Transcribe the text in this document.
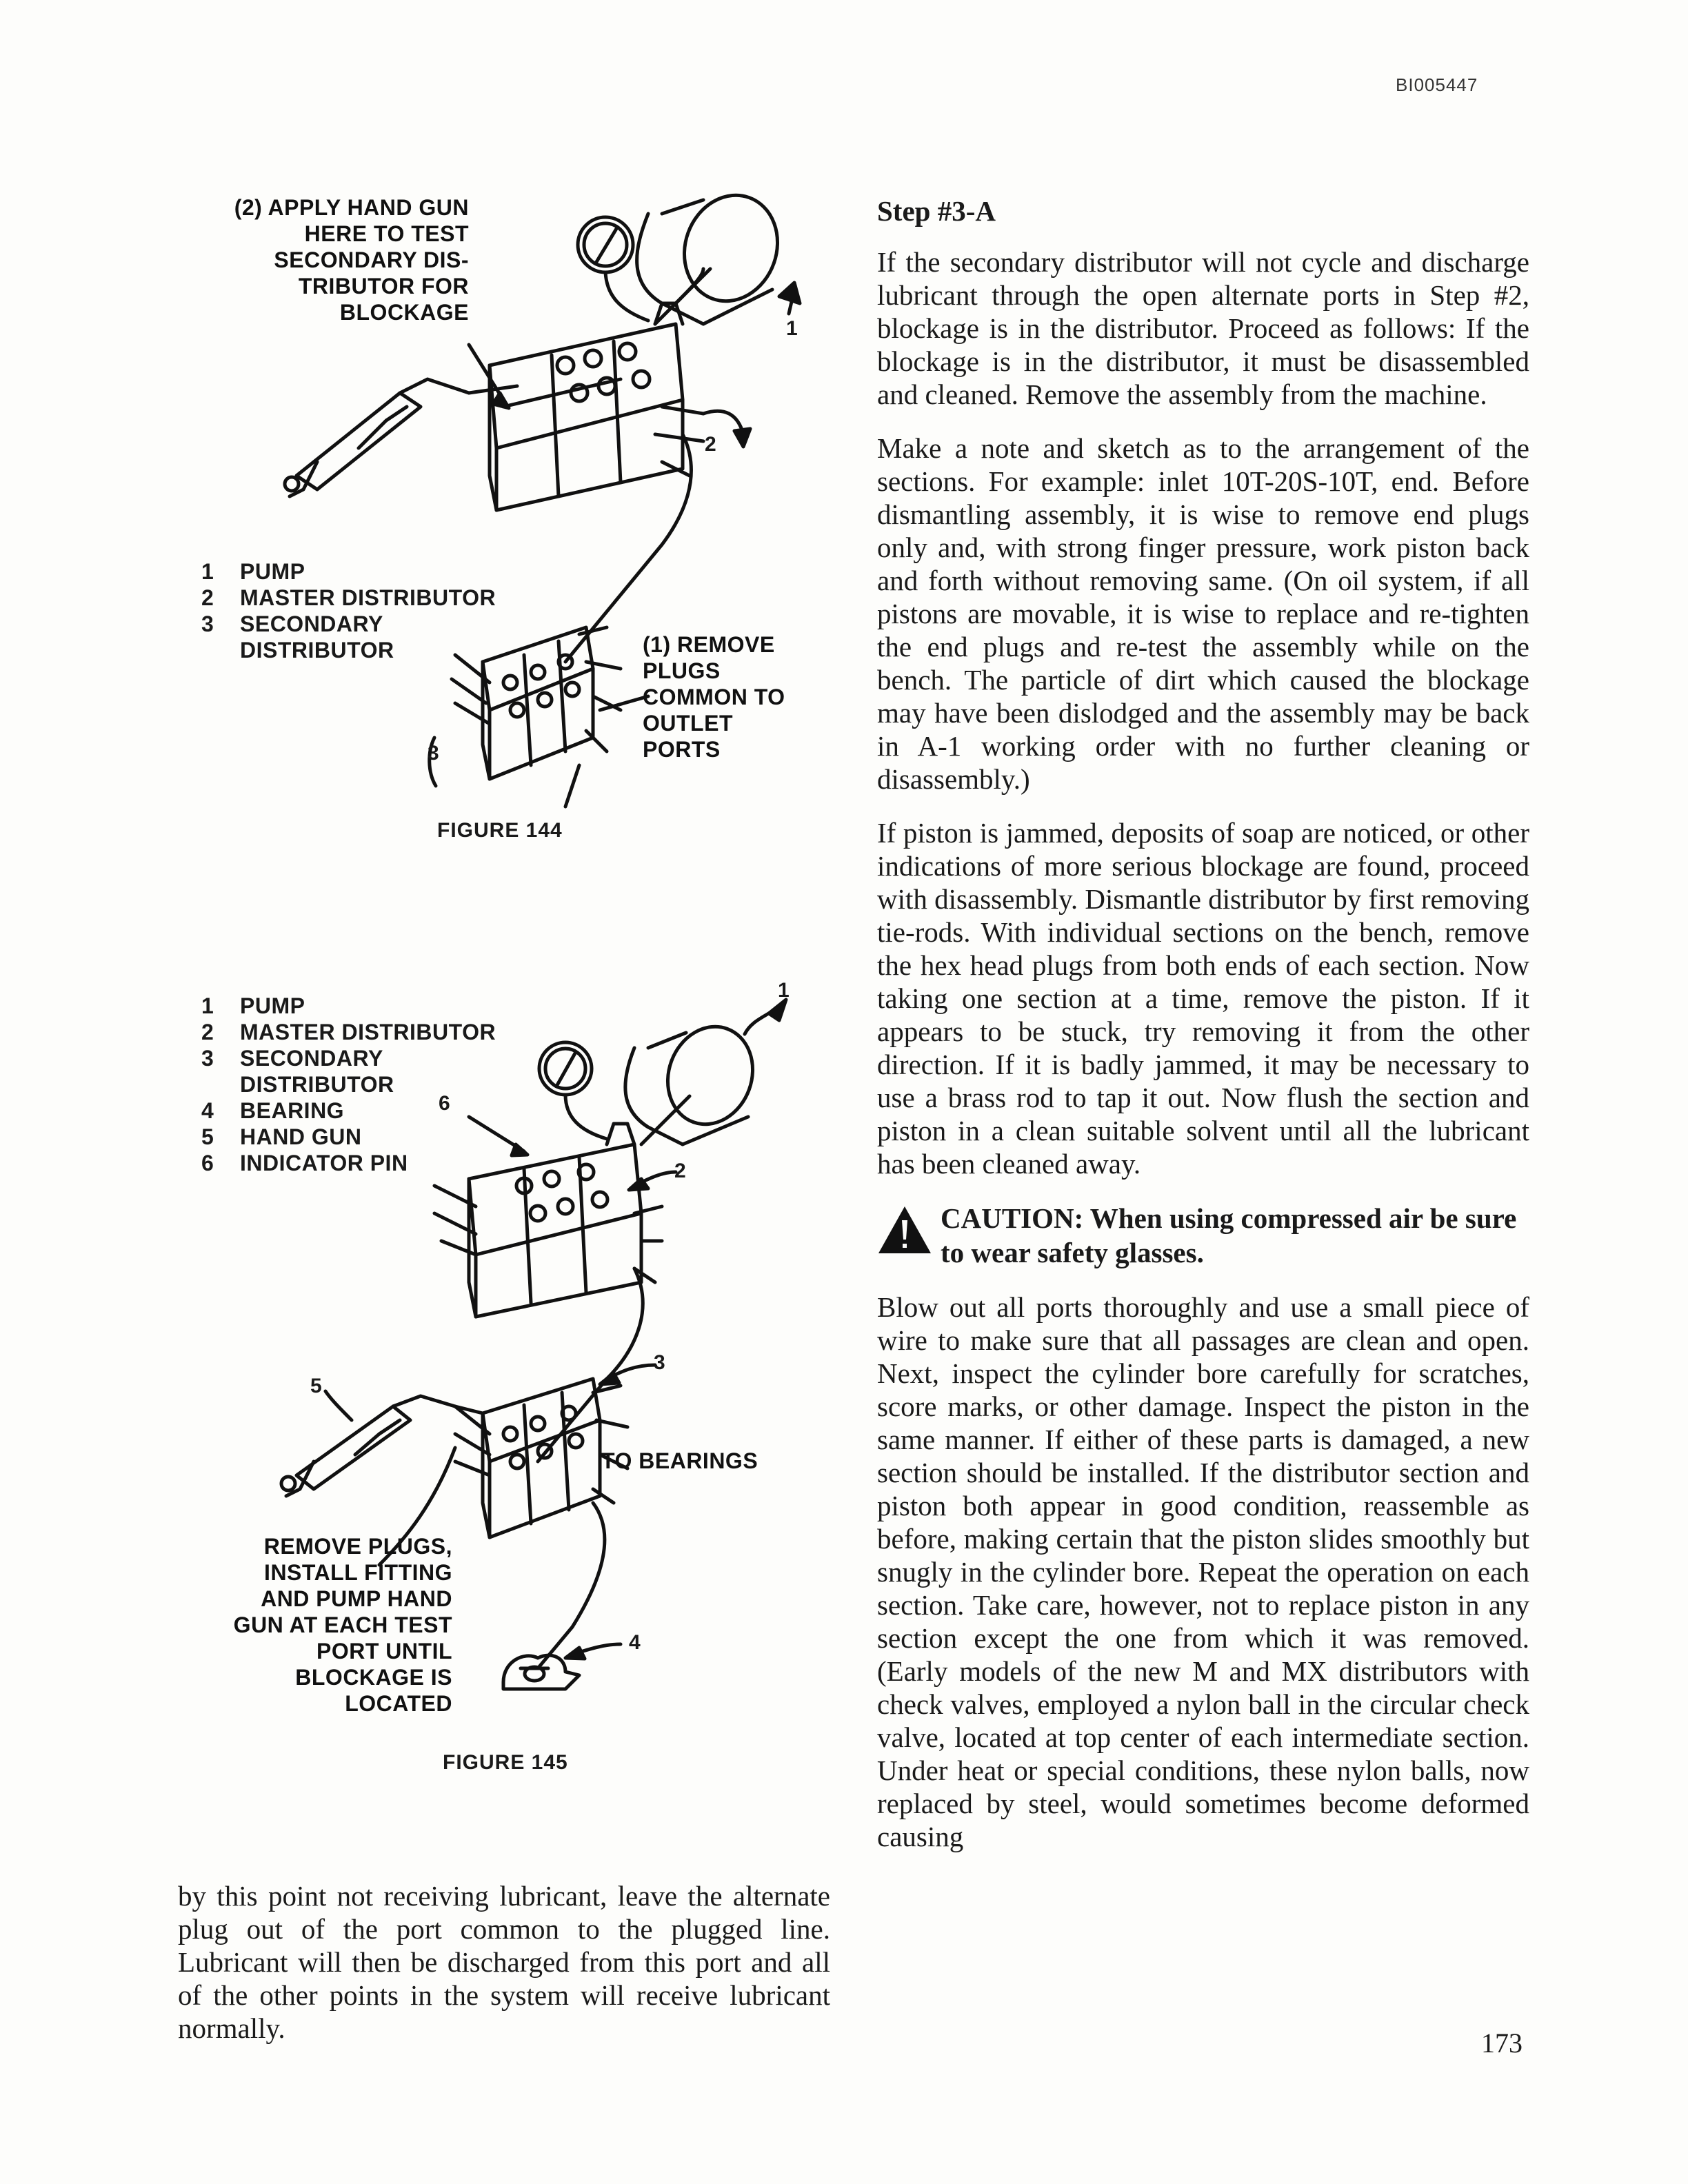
BI005447
(2) APPLY HAND GUN
HERE TO TEST
SECONDARY DIS-
TRIBUTOR FOR
BLOCKAGE
1
2
3
1	PUMP
2	MASTER DISTRIBUTOR
3	SECONDARY DISTRIBUTOR	(1) REMOVE
PLUGS
COMMON TO
OUTLET
PORTS
FIGURE 144
1	PUMP
2	MASTER DISTRIBUTOR
3	SECONDARY DISTRIBUTOR
4	BEARING
5	HAND GUN
6	INDICATOR PIN
1
6
2
3
5
4
TO BEARINGS
REMOVE PLUGS,
INSTALL FITTING
AND PUMP HAND
GUN AT EACH TEST
PORT UNTIL
BLOCKAGE IS
LOCATED
FIGURE 145

by this point not receiving lubricant, leave the alternate plug out of the port common to the plugged line. Lubricant will then be discharged from this port and all of the other points in the system will receive lubricant normally.

Step #3-A

If the secondary distributor will not cycle and discharge lubricant through the open alternate ports in Step #2, blockage is in the distributor. Proceed as follows: If the blockage is in the distributor, it must be disassembled and cleaned. Remove the assembly from the machine.

Make a note and sketch as to the arrangement of the sections. For example: inlet 10T-20S-10T, end. Before dismantling assembly, it is wise to remove end plugs only and, with strong finger pressure, work piston back and forth without removing same. (On oil system, if all pistons are movable, it is wise to replace and re-tighten the end plugs and re-test the assembly while on the bench. The particle of dirt which caused the blockage may have been dislodged and the assembly may be back in A-1 working order with no further cleaning or disassembly.)

If piston is jammed, deposits of soap are noticed, or other indications of more serious blockage are found, proceed with disassembly. Dismantle distributor by first removing tie-rods. With individual sections on the bench, remove the hex head plugs from both ends of each section. Now taking one section at a time, remove the piston. If it appears to be stuck, try removing it from the other direction. If it is badly jammed, it may be necessary to use a brass rod to tap it out. Now flush the section and piston in a clean suitable solvent until all the lubricant has been cleaned away.

CAUTION: When using compressed air be sure to wear safety glasses.

Blow out all ports thoroughly and use a small piece of wire to make sure that all passages are clean and open. Next, inspect the cylinder bore carefully for scratches, score marks, or other damage. Inspect the piston in the same manner. If either of these parts is damaged, a new section should be installed. If the distributor section and piston both appear in good condition, reassemble as before, making certain that the piston slides smoothly but snugly in the cylinder bore. Repeat the operation on each section. Take care, however, not to replace piston in any section except the one from which it was removed. (Early models of the new M and MX distributors with check valves, employed a nylon ball in the circular check valve, located at top center of each intermediate section. Under heat or special conditions, these nylon balls, now replaced by steel, would sometimes become deformed causing

173
